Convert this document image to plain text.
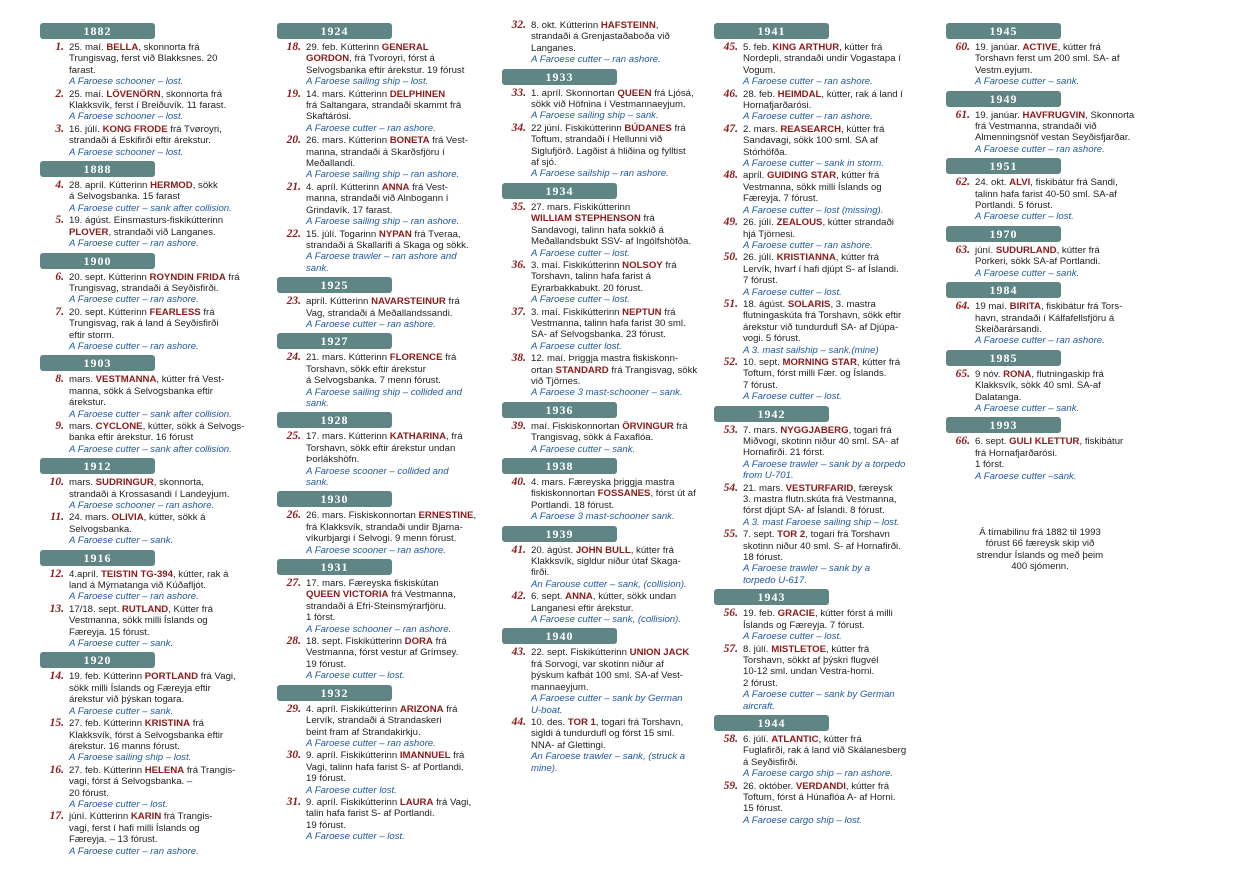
1882
1. 25. maí. BELLA, skonnorta frá
Trungisvag, ferst við Blakksnes. 20
farast.
A Faroese schooner – lost.
2. 25. maí. LÖVENÖRN, skonnorta frá
Klakksvík, ferst í Breiðuvík. 11 farast.
A Faroese schooner – lost.
3. 16. júlí. KONG FRODE frá Tvøroyri,
strandaði á Eskifirði eftir árekstur.
A Faroese schooner – lost.
1888
4. 28. apríl. Kútterinn HERMOD, sökk
á Selvogsbanka. 15 farast
A Faroese cutter – sank after collision.
5. 19. ágúst. Einsmasturs-fiskikútterinn
PLOVER, strandaði við Langanes.
A Faroese cutter – ran ashore.
1900
6. 20. sept. Kútterinn ROYNDIN FRIDA frá
Trungisvag, strandaði á Seyðisfirði.
A Faroese cutter – ran ashore.
7. 20. sept. Kútterinn FEARLESS frá
Trungisvag, rak á land á Seyðisfirði
eftir storm.
A Faroese cutter – ran ashore.
1903
8. mars. VESTMANNA, kútter frá Vest-
manna, sökk á Selvogsbanka eftir
árekstur.
A Faroese cutter – sank after collision.
9. mars. CYCLONE, kútter, sökk á Selvogs-
banka eftir árekstur. 16 fórust
A Faroese cutter – sank after collision.
1912
10. mars. SUDRINGUR, skonnorta,
strandaði á Krossasandi í Landeyjum.
A Faroese schooner – ran ashore.
11. 24. mars. OLIVIA, kútter, sökk á
Selvogsbanka.
A Faroese cutter – sank.
1916
12. 4.apríl. TEISTIN TG-394, kútter, rak á
land á Mýrnatanga við Kúðafljót.
A Faroese cutter – ran ashore.
13. 17/18. sept. RUTLAND, Kútter frá
Vestmanna, sökk milli Íslands og
Færeyja. 15 fórust.
A Faroese cutter – sank.
1920
14. 19. feb. Kútterinn PORTLAND frá Vagi,
sökk milli Íslands og Færeyja eftir
árekstur við þýskan togara.
A Faroese cutter – sank.
15. 27. feb. Kútterinn KRISTINA frá
Klakksvík, fórst á Selvogsbanka eftir
árekstur. 16 manns fórust.
A Faroese sailing ship – lost.
16. 27. feb. Kútterinn HELENA frá Trangis-
vagi, fórst á Selvogsbanka. –
20 fórust.
A Faroese cutter – lost.
17. júní. Kútterinn KARIN frá Trangis-
vagi, ferst í hafi milli Íslands og
Færeyja. – 13 fórust.
A Faroese cutter – ran ashore.
1924
18. 29. feb. Kútterinn GENERAL
GORDON, frá Tvoroyri, fórst á
Selvogsbanka eftir árekstur. 19 fórust
A Faroese sailing ship – lost.
19. 14. mars. Kútterinn DELPHINEN
frá Saltangara, strandaði skammt frá
Skaftárósi.
A Faroese cutter – ran ashore.
20. 26. mars. Kútterinn BONETA frá Vest-
manna, strandaði á Skarðsfjöru í
Meðallandi.
A Faroese sailing ship – ran ashore.
21. 4. apríl. Kútterinn ANNA frá Vest-
manna, strandaði við Alnbogann í
Grindavík. 17 farast.
A Faroese sailing ship – ran ashore.
22. 15. júlí. Togarinn NYPAN frá Tveraa,
strandaði á Skallarifi á Skaga og sökk.
A Faroese trawler – ran ashore and
sank.
1925
23. apríl. Kútterinn NAVARSTEINUR frá
Vag, strandaði á Meðallandssandi.
A Faroese cutter – ran ashore.
1927
24. 21. mars. Kútterinn FLORENCE frá
Torshavn, sökk eftir árekstur
á Selvogsbanka. 7 menn fórust.
A Faroese sailing ship – collided and
sank.
1928
25. 17. mars. Kútterinn KATHARINA, frá
Torshavn, sökk eftir árekstur undan
Þorlákshöfn.
A Faroese scooner – collided and
sank.
1930
26. 26. mars. Fiskiskonnortan ERNESTINE,
frá Klakksvík, strandaði undir Bjarna-
víkurbjargi í Selvogi. 9 menn fórust.
A Faroese scooner – ran ashore.
1931
27. 17. mars. Færeyska fiskiskútan
QUEEN VICTORIA frá Vestmanna,
strandaði á Efri-Steinsmýrarfjöru.
1 fórst.
A Faroese schooner – ran ashore.
28. 18. sept. Fiskikútterinn DORA frá
Vestmanna, fórst vestur af Grímsey.
19 fórust.
A Faroese cutter – lost.
1932
29. 4. apríl. Fiskikútterinn ARIZONA frá
Lervík, strandaði á Strandaskeri
beint fram af Strandakirkju.
A Faroese cutter – ran ashore.
30. 9. apríl. Fiskikútterinn IMANNUEL frá
Vagi, talinn hafa farist S- af Portlandi.
19 fórust.
A Faroese cutter lost.
31. 9. apríl. Fiskikútterinn LAURA frá Vagi,
talin hafa farist S- af Portlandi.
19 fórust.
A Faroese cutter – lost.
32. 8. okt. Kútterinn HAFSTEINN,
strandaði á Grenjastaðaboða við
Langanes.
A Faroese cutter – ran ashore.
1933
33. 1. apríl. Skonnortan QUEEN frá Ljósá,
sökk við Höfnina í Vestmannaeyjum.
A Faroese sailing ship – sank.
34. 22 júní. Fiskikútterinn BÚDANES frá
Toftum, strandaði í Hellunni við
Siglufjörð. Lagðist á hliðina og fylltist
af sjó.
A Faroese sailship – ran ashore.
1934
35. 27. mars. Fiskikútterinn
WILLIAM STEPHENSON frá
Sandavogi, talinn hafa sokkið á
Meðallandsbukt SSV- af Ingólfshöfða.
A Faroese cutter – lost.
36. 3. maí. Fiskikútterinn NOLSOY frá
Torshavn, talinn hafa farist á
Eyrarbakkabukt. 20 fórust.
A Faroese cutter – lost.
37. 3. maí. Fiskikútterinn NEPTUN frá
Vestmanna, talinn hafa farist 30 sml.
SA- af Selvogsbanka. 23 fórust.
A Faroese cutter lost.
38. 12. maí. Þriggja mastra fiskiskonn-
ortan STANDARD frá Trangisvag, sökk
við Tjörnes.
A Faroese 3 mast-schooner – sank.
1936
39. maí. Fiskiskonnortan ÖRVINGUR frá
Trangisvag, sökk á Faxaflóa.
A Faroese cutter – sank.
1938
40. 4. mars. Færeyska þriggja mastra
fiskiskonnortan FOSSANES, fórst út af
Portlandi. 18 fórust.
A Faroese 3 mast-schooner sank.
1939
41. 20. ágúst. JOHN BULL, kútter frá
Klakksvík, sigldur niður útaf Skaga-
firði.
An Farouse cutter – sank, (collision).
42. 6. sept. ANNA, kútter, sökk undan
Langanesi eftir árekstur.
A Faroese cutter – sank, (collision).
1940
43. 22. sept. Fiskikútterinn UNION JACK
frá Sorvogi, var skotinn niður af
þýskum kafbát 100 sml. SA-af Vest-
mannaeyjum.
A Faroese cutter – sank by German
U-boat.
44. 10. des. TOR 1, togari frá Torshavn,
sigldi á tundurdufl og fórst 15 sml.
NNA- af Glettingi.
An Faroese trawler – sank, (struck a
mine).
1941
45. 5. feb. KING ARTHUR, kútter frá
Nordepli, strandaði undir Vogastapa í
Vogum.
A Faroese cutter – ran ashore.
46. 28. feb. HEIMDAL, kútter, rak á land í
Hornafjarðarósi.
A Faroese cutter – ran ashore.
47. 2. mars. REASEARCH, kútter frá
Sandavagi, sökk 100 sml. SA af
Stórhöfða.
A Faroese cutter – sank in storm.
48. apríl. GUIDING STAR, kútter frá
Vestmanna, sökk milli Íslands og
Færeyja. 7 fórust.
A Faroese cutter – lost (missing).
49. 26. júlí. ZEALOUS, kútter strandaði
hjá Tjörnesi.
A Faroese cutter – ran ashore.
50. 26. júlí. KRISTIANNA, kútter frá
Lervík, hvarf í hafi djúpt S- af Íslandi.
7 fórust.
A Faroese cutter – lost.
51. 18. ágúst. SOLARIS, 3. mastra
flutningaskúta frá Torshavn, sökk eftir
árekstur við tundurdufl SA- af Djúpa-
vogi. 5 fórust.
A 3. mast sailship – sank.(mine)
52. 10. sept. MORNING STAR, kútter frá
Toftum, fórst milli Fær. og Íslands.
7 fórust.
A Faroese cutter – lost.
1942
53. 7. mars. NYGGJABERG, togari frá
Miðvogi, skotinn niður 40 sml. SA- af
Hornafirði. 21 fórst.
A Faroese trawler – sank by a torpedo
from U-701.
54. 21. mars. VESTURFARID, færeysk
3. mastra flutn.skúta frá Vestmanna,
fórst djúpt SA- af Íslandi. 8 fórust.
A 3. mast Faroese sailing ship – lost.
55. 7. sept. TOR 2, togari frá Torshavn
skotinn niður 40 sml. S- af Hornafirði.
18 fórust.
A Faroese trawler – sank by a
torpedo U-617.
1943
56. 19. feb. GRACIE, kútter fórst á milli
Íslands og Færeyja. 7 fórust.
A Faroese cutter – lost.
57. 8. júlí. MISTLETOE, kútter frá
Torshavn, sökkt af þýskri flugvél
10-12 sml. undan Vestra-horni.
2 fórust.
A Faroese cutter – sank by German
aircraft.
1944
58. 6. júlí. ATLANTIC, kútter frá
Fuglafirði, rak á land við Skálanesberg
á Seyðisfirði.

A Faroese cargo ship – ran ashore.
59. 26. október. VERDANDI, kútter frá
Toftum, fórst á Húnaflóa A- af Horni.
15 fórust.
A Faroese cargo ship – lost.
1945
60. 19. janúar. ACTIVE, kútter frá
Torshavn ferst um 200 sml. SA- af
Vestm.eyjum.
A Faroese cutter – sank.
1949
61. 19. janúar. HAVFRUGVIN, Skonnorta
frá Vestmanna, strandaði við
Almenningsnöf vestan Seyðisfjarðar.
A Faroese cutter – ran ashore.
1951
62. 24. okt. ALVI, fiskibátur frá Sandi,
talinn hafa farist 40-50 sml. SA-af
Portlandi. 5 fórust.
A Faroese cutter – lost.
1970
63. júní. SUDURLAND, kútter frá
Porkeri, sökk SA-af Portlandi.
A Faroese cutter – sank.
1984
64. 19 maí. BIRITA, fiskibátur frá Tors-
havn, strandaði í Kálfafellsfjöru á
Skeiðarársandi.
A Faroese cutter – ran ashore.
1985
65. 9 nóv. RONA, flutningaskip frá
Klakksvík, sökk 40 sml. SA-af
Dalatanga.
A Faroese cutter – sank.
1993
66. 6. sept. GULI KLETTUR, fiskibátur
frá Hornafjarðarósi.
1 fórst.
A Faroese cutter –sank.
Á tímabilinu frá 1882 til 1993
fórust 66 færeysk skip við
strendur Íslands og með þeim
400 sjómenn.
